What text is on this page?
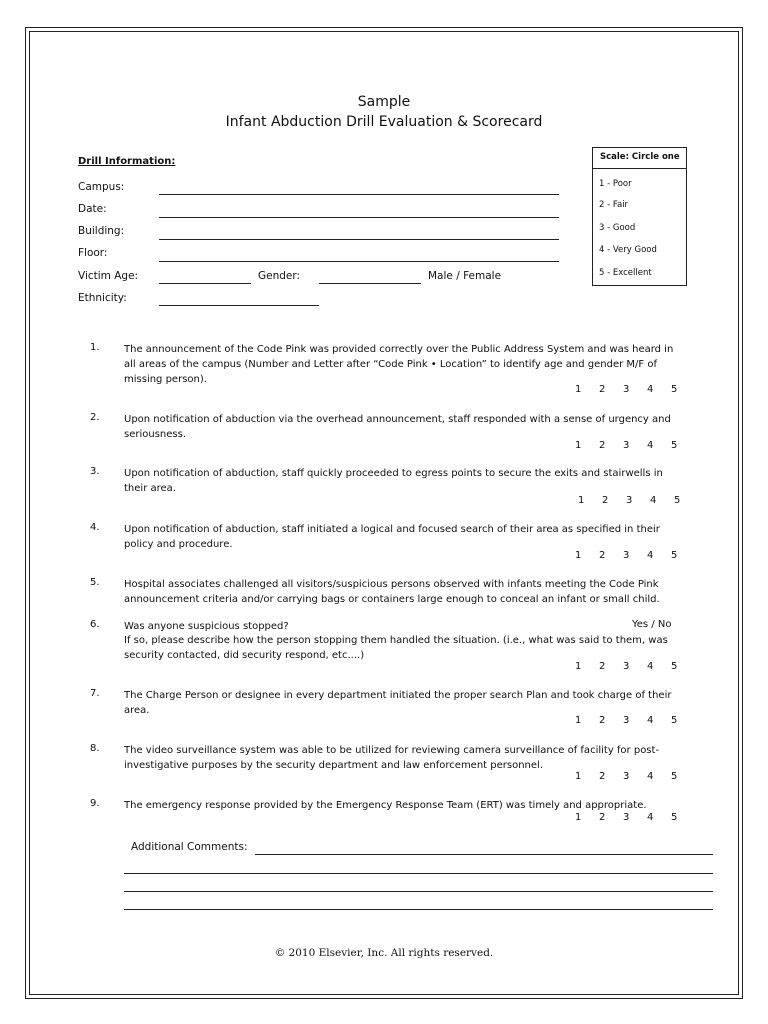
Sample
Infant Abduction Drill Evaluation & Scorecard
Drill Information:
Campus:
Date:
Building:
Floor:
Victim Age:	Gender:	Male / Female
Ethnicity:
Scale: Circle one
1 - Poor
2 - Fair
3 - Good
4 - Very Good
5 - Excellent
1. The announcement of the Code Pink was provided correctly over the Public Address System and was heard in all areas of the campus (Number and Letter after “Code Pink • Location” to identify age and gender M/F of missing person).
1	2	3	4	5
2. Upon notification of abduction via the overhead announcement, staff responded with a sense of urgency and seriousness.
1	2	3	4	5
3. Upon notification of abduction, staff quickly proceeded to egress points to secure the exits and stairwells in their area.
1	2	3	4	5
4. Upon notification of abduction, staff initiated a logical and focused search of their area as specified in their policy and procedure.
1	2	3	4	5
5. Hospital associates challenged all visitors/suspicious persons observed with infants meeting the Code Pink announcement criteria and/or carrying bags or containers large enough to conceal an infant or small child.
6. Was anyone suspicious stopped?	Yes / No
If so, please describe how the person stopping them handled the situation. (i.e., what was said to them, was security contacted, did security respond, etc....)
1	2	3	4	5
7. The Charge Person or designee in every department initiated the proper search Plan and took charge of their area.
1	2	3	4	5
8. The video surveillance system was able to be utilized for reviewing camera surveillance of facility for post-investigative purposes by the security department and law enforcement personnel.
1	2	3	4	5
9. The emergency response provided by the Emergency Response Team (ERT) was timely and appropriate.
1	2	3	4	5
Additional Comments:
© 2010 Elsevier, Inc. All rights reserved.
